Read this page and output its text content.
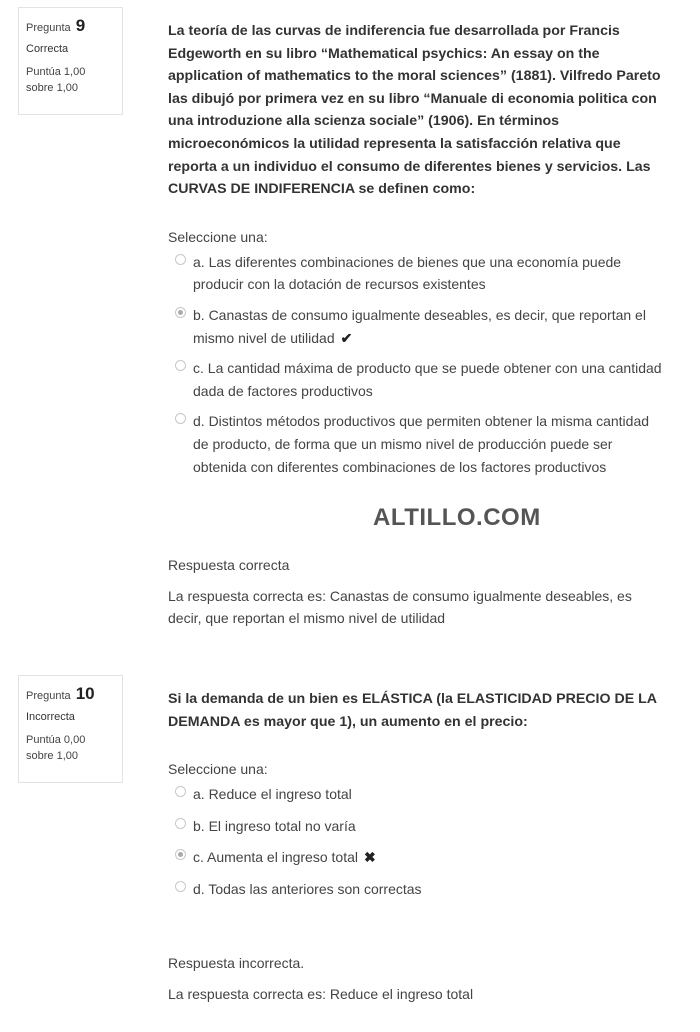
Pregunta 9
Correcta
Puntúa 1,00
sobre 1,00
La teoría de las curvas de indiferencia fue desarrollada por Francis Edgeworth en su libro “Mathematical psychics: An essay on the application of mathematics to the moral sciences” (1881). Vilfredo Pareto las dibujó por primera vez en su libro “Manuale di economia politica con una introduzione alla scienza sociale” (1906). En términos microeconómicos la utilidad representa la satisfacción relativa que reporta a un individuo el consumo de diferentes bienes y servicios. Las CURVAS DE INDIFERENCIA se definen como:
Seleccione una:
a. Las diferentes combinaciones de bienes que una economía puede producir con la dotación de recursos existentes
b. Canastas de consumo igualmente deseables, es decir, que reportan el mismo nivel de utilidad ✔
c. La cantidad máxima de producto que se puede obtener con una cantidad dada de factores productivos
d. Distintos métodos productivos que permiten obtener la misma cantidad de producto, de forma que un mismo nivel de producción puede ser obtenida con diferentes combinaciones de los factores productivos
Respuesta correcta
La respuesta correcta es: Canastas de consumo igualmente deseables, es decir, que reportan el mismo nivel de utilidad
ALTILLO.COM
Pregunta 10
Incorrecta
Puntúa 0,00
sobre 1,00
Si la demanda de un bien es ELÁSTICA (la ELASTICIDAD PRECIO DE LA DEMANDA es mayor que 1), un aumento en el precio:
Seleccione una:
a. Reduce el ingreso total
b. El ingreso total no varía
c. Aumenta el ingreso total ✖
d. Todas las anteriores son correctas
Respuesta incorrecta.
La respuesta correcta es: Reduce el ingreso total
